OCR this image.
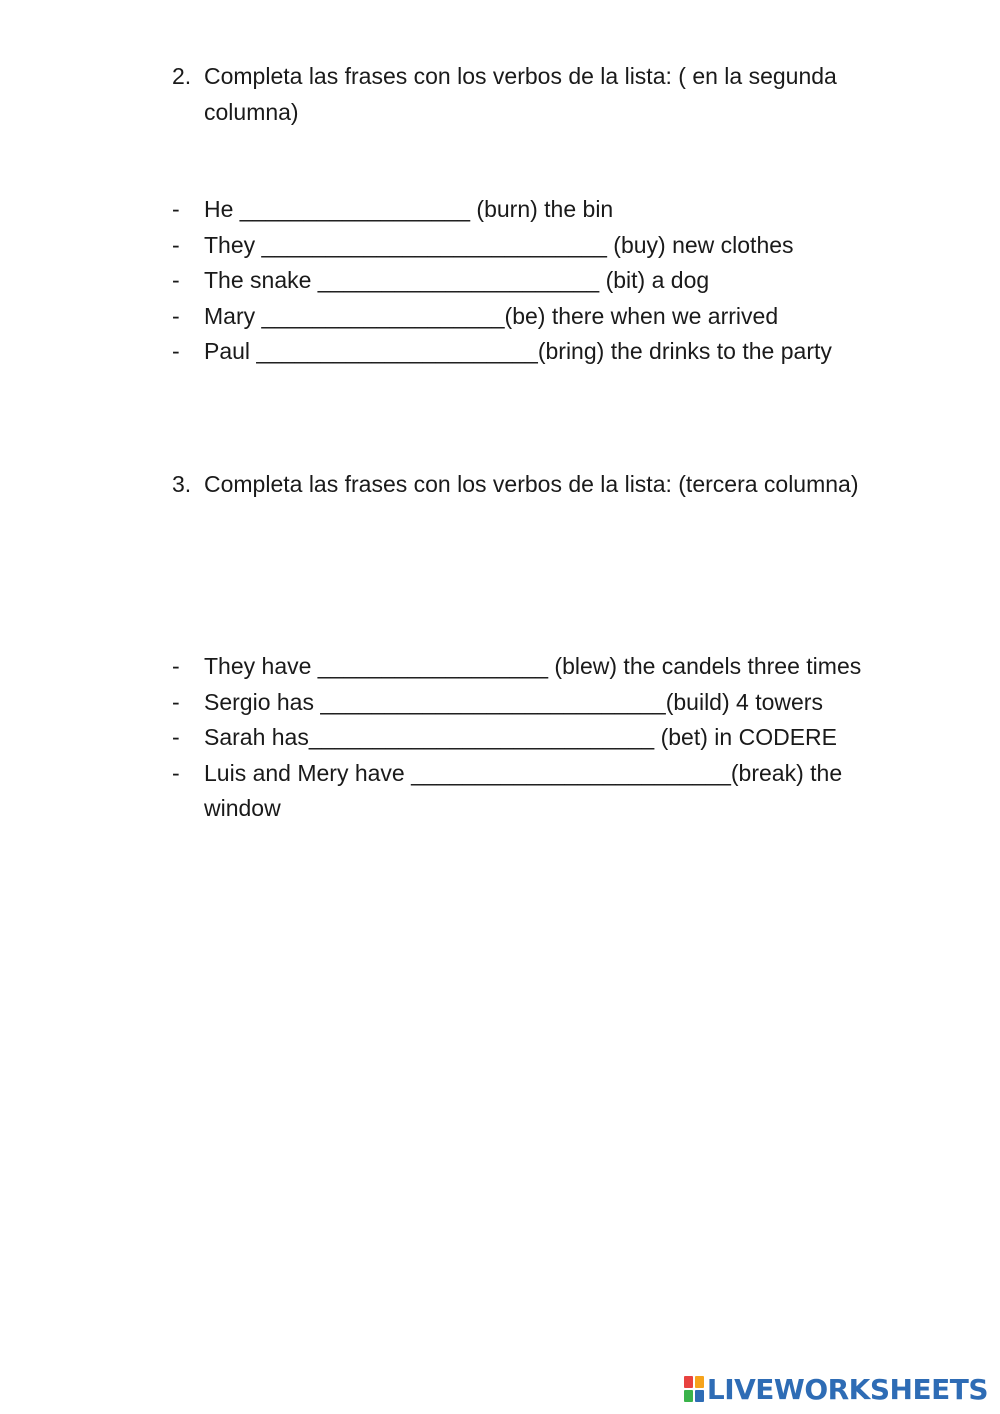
2. Completa las frases con los verbos de la lista: ( en la segunda columna)
-	He __________________ (burn) the bin
-	They ___________________________ (buy) new clothes
-	The snake ______________________ (bit) a dog
-	Mary ___________________(be) there when we arrived
-	Paul ______________________(bring) the drinks to the party
3. Completa las frases con los verbos de la lista: (tercera columna)
-	They have __________________ (blew) the candels three times
-	Sergio has ___________________________(build) 4 towers
-	Sarah has___________________________ (bet) in CODERE
-	Luis and Mery have _________________________(break) the window
LIVEWORKSHEETS
